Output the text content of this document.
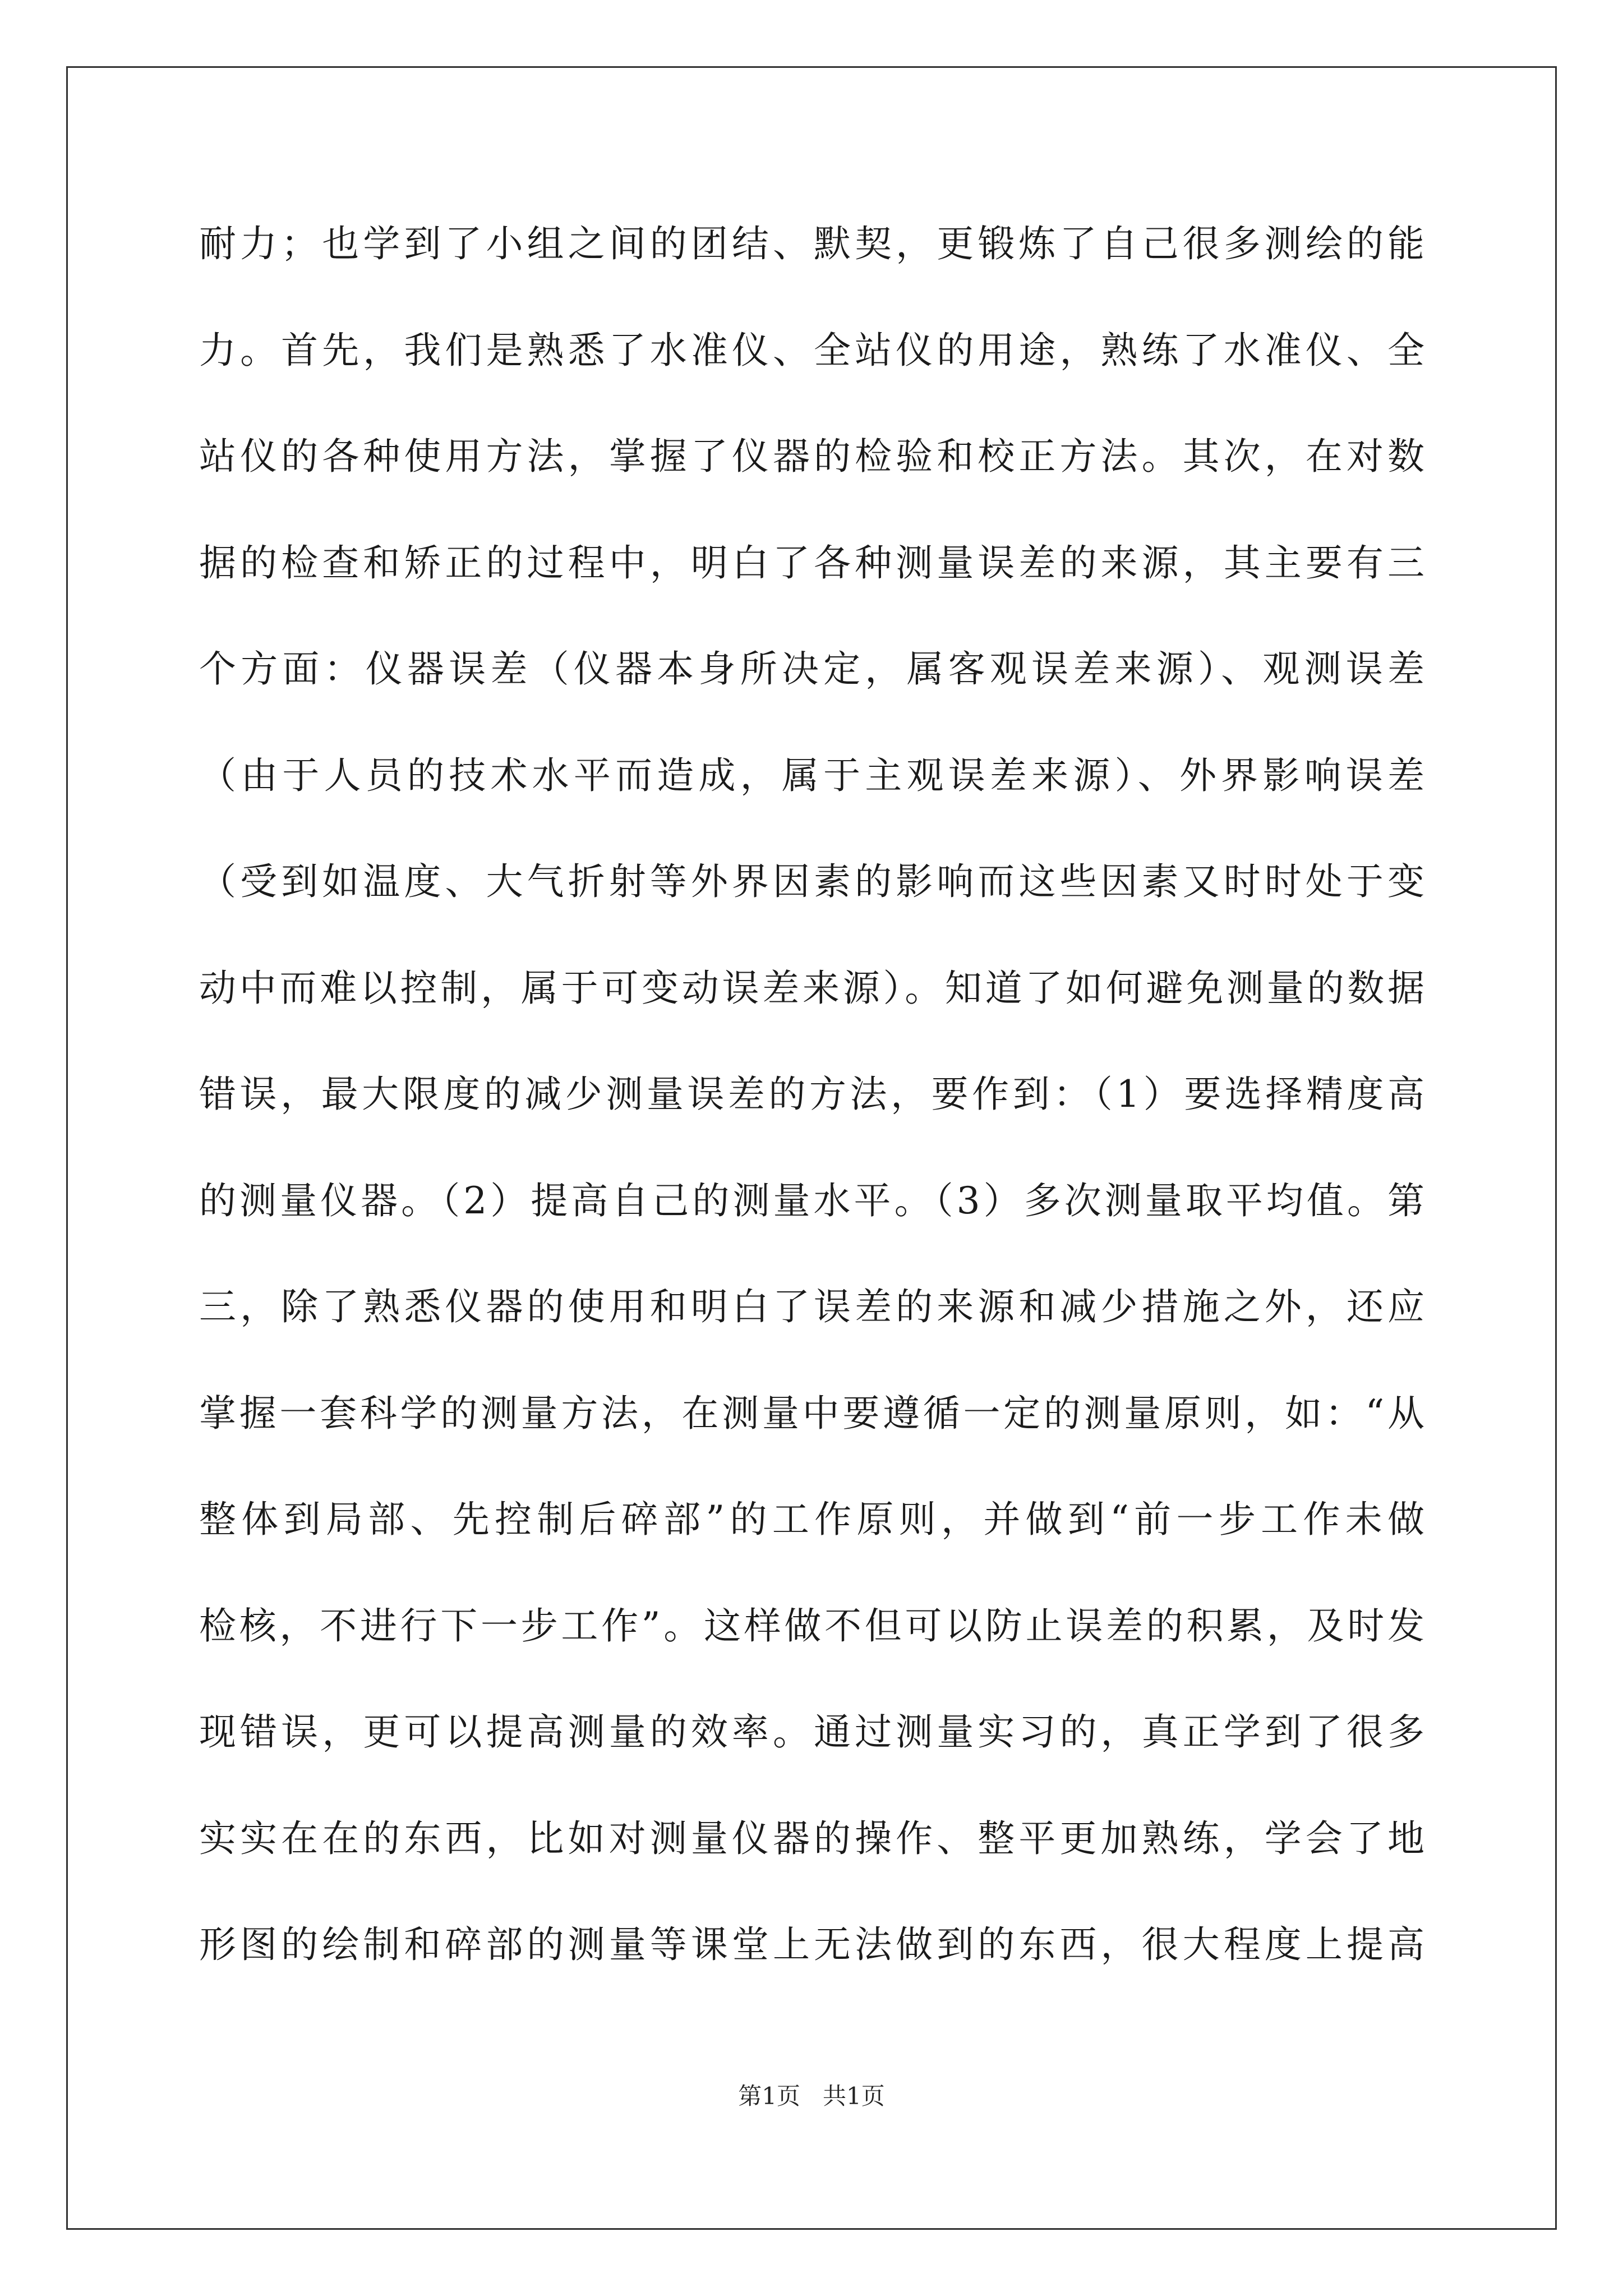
耐力；也学到了小组之间的团结、默契，更锻炼了自己很多测绘的能
力。首先，我们是熟悉了水准仪、全站仪的用途，熟练了水准仪、全
站仪的各种使用方法，掌握了仪器的检验和校正方法。其次，在对数
据的检查和矫正的过程中，明白了各种测量误差的来源，其主要有三
个方面：仪器误差（仪器本身所决定，属客观误差来源）、观测误差
（由于人员的技术水平而造成，属于主观误差来源）、外界影响误差
（受到如温度、大气折射等外界因素的影响而这些因素又时时处于变
动中而难以控制，属于可变动误差来源）。知道了如何避免测量的数据
错误，最大限度的减少测量误差的方法，要作到：（1）要选择精度高
的测量仪器。（2）提高自己的测量水平。（3）多次测量取平均值。第
三，除了熟悉仪器的使用和明白了误差的来源和减少措施之外，还应
掌握一套科学的测量方法，在测量中要遵循一定的测量原则，如：“从
整体到局部、先控制后碎部”的工作原则，并做到“前一步工作未做
检核，不进行下一步工作”。这样做不但可以防止误差的积累，及时发
现错误，更可以提高测量的效率。通过测量实习的，真正学到了很多
实实在在的东西，比如对测量仪器的操作、整平更加熟练，学会了地
形图的绘制和碎部的测量等课堂上无法做到的东西，很大程度上提高
第1页 共1页
